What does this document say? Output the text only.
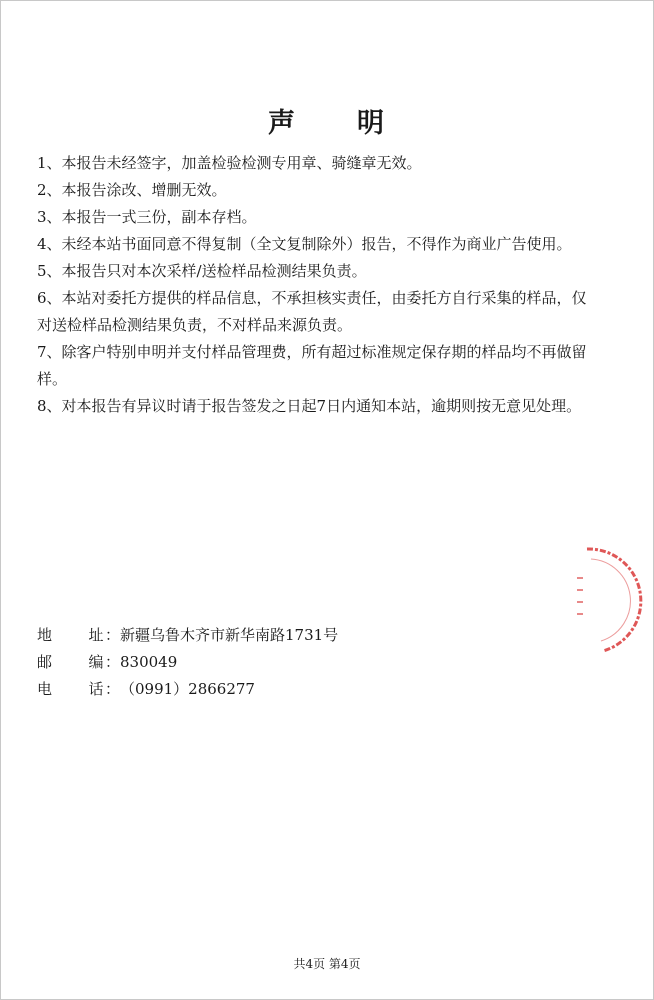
声 明

1、本报告未经签字，加盖检验检测专用章、骑缝章无效。

2、本报告涂改、增删无效。

3、本报告一式三份，副本存档。

4、未经本站书面同意不得复制（全文复制除外）报告，不得作为商业广告使用。

5、本报告只对本次采样/送检样品检测结果负责。

6、本站对委托方提供的样品信息，不承担核实责任，由委托方自行采集的样品，仅对送检样品检测结果负责，不对样品来源负责。

7、除客户特别申明并支付样品管理费，所有超过标准规定保存期的样品均不再做留样。

8、对本报告有异议时请于报告签发之日起7日内通知本站，逾期则按无意见处理。

地 址： 新疆乌鲁木齐市新华南路1731号
邮 编： 830049
电 话： （0991）2866277
共4页 第4页
